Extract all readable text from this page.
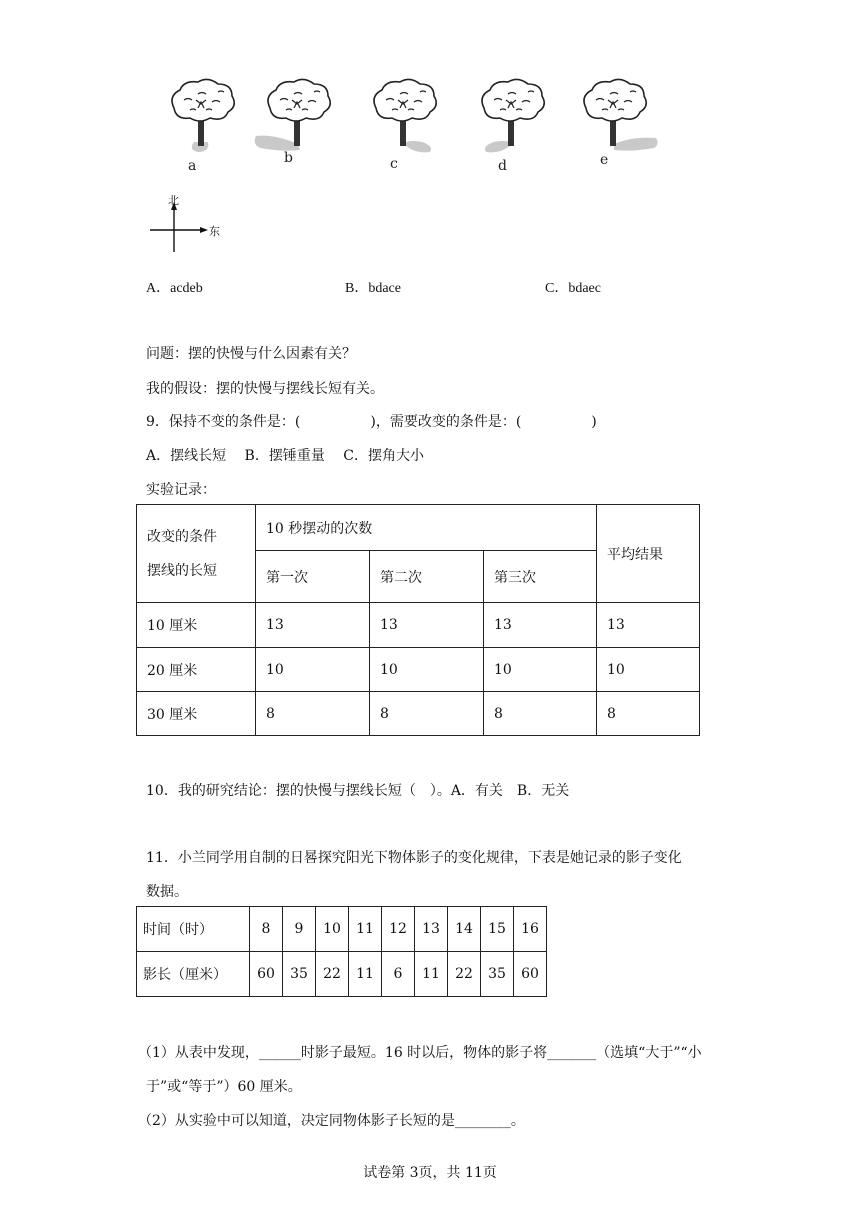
a	b	c	d	e
北
东
A．acdeb	B．bdace	C．bdaec
问题：摆的快慢与什么因素有关？
我的假设：摆的快慢与摆线长短有关。
9．保持不变的条件是：(　　　　　)，需要改变的条件是：(　　　　　)
A．摆线长短　 B．摆锤重量　 C．摆角大小
实验记录：
改变的条件
摆线的长短	10 秒摆动的次数			平均结果
	第一次	第二次	第三次	
10 厘米	13	13	13	13
20 厘米	10	10	10	10
30 厘米	8	8	8	8
10．我的研究结论：摆的快慢与摆线长短（　）。A．有关　B．无关
11．小兰同学用自制的日晷探究阳光下物体影子的变化规律，下表是她记录的影子变化
数据。
时间（时）	8	9	10	11	12	13	14	15	16
影长（厘米）	60	35	22	11	6	11	22	35	60
（1）从表中发现，______时影子最短。16 时以后，物体的影子将_______（选填“大于”“小
于”或“等于”）60 厘米。
（2）从实验中可以知道，决定同物体影子长短的是________。
试卷第 3页，共 11页
